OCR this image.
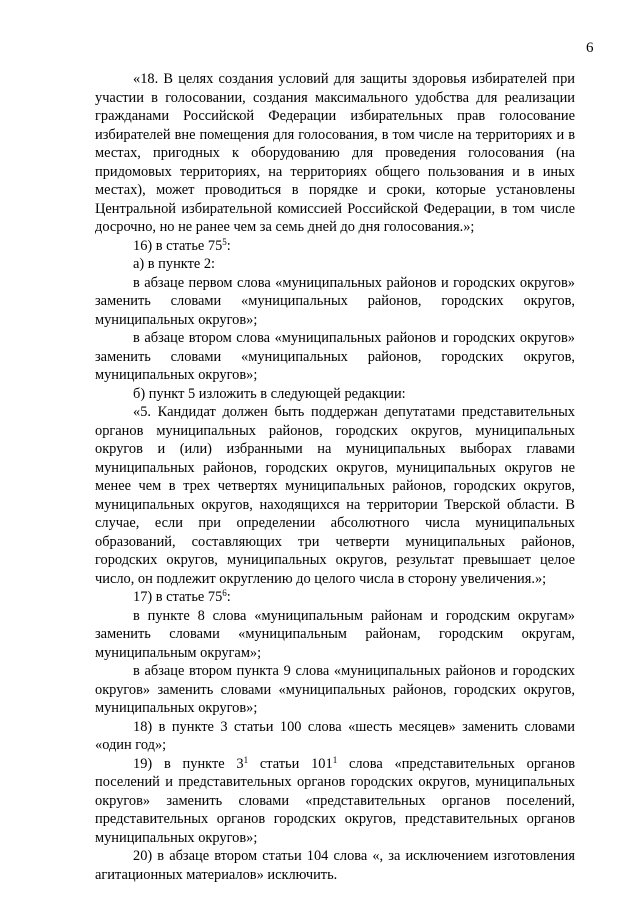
6

«18. В целях создания условий для защиты здоровья избирателей при участии в голосовании, создания максимального удобства для реализации гражданами Российской Федерации избирательных прав голосование избирателей вне помещения для голосования, в том числе на территориях и в местах, пригодных к оборудованию для проведения голосования (на придомовых территориях, на территориях общего пользования и в иных местах), может проводиться в порядке и сроки, которые установлены Центральной избирательной комиссией Российской Федерации, в том числе досрочно, но не ранее чем за семь дней до дня голосования.»;

16) в статье $75^5$:

а) в пункте 2:

в абзаце первом слова «муниципальных районов и городских округов» заменить словами «муниципальных районов, городских округов, муниципальных округов»;

в абзаце втором слова «муниципальных районов и городских округов» заменить словами «муниципальных районов, городских округов, муниципальных округов»;

б) пункт 5 изложить в следующей редакции:

«5. Кандидат должен быть поддержан депутатами представительных органов муниципальных районов, городских округов, муниципальных округов и (или) избранными на муниципальных выборах главами муниципальных районов, городских округов, муниципальных округов не менее чем в трех четвертях муниципальных районов, городских округов, муниципальных округов, находящихся на территории Тверской области. В случае, если при определении абсолютного числа муниципальных образований, составляющих три четверти муниципальных районов, городских округов, муниципальных округов, результат превышает целое число, он подлежит округлению до целого числа в сторону увеличения.»;

17) в статье $75^6$:

в пункте 8 слова «муниципальным районам и городским округам» заменить словами «муниципальным районам, городским округам, муниципальным округам»;

в абзаце втором пункта 9 слова «муниципальных районов и городских округов» заменить словами «муниципальных районов, городских округов, муниципальных округов»;

18) в пункте 3 статьи 100 слова «шесть месяцев» заменить словами «один год»;

19) в пункте $3^1$ статьи $101^1$ слова «представительных органов поселений и представительных органов городских округов, муниципальных округов» заменить словами «представительных органов поселений, представительных органов городских округов, представительных органов муниципальных округов»;

20) в абзаце втором статьи 104 слова «, за исключением изготовления агитационных материалов» исключить.
